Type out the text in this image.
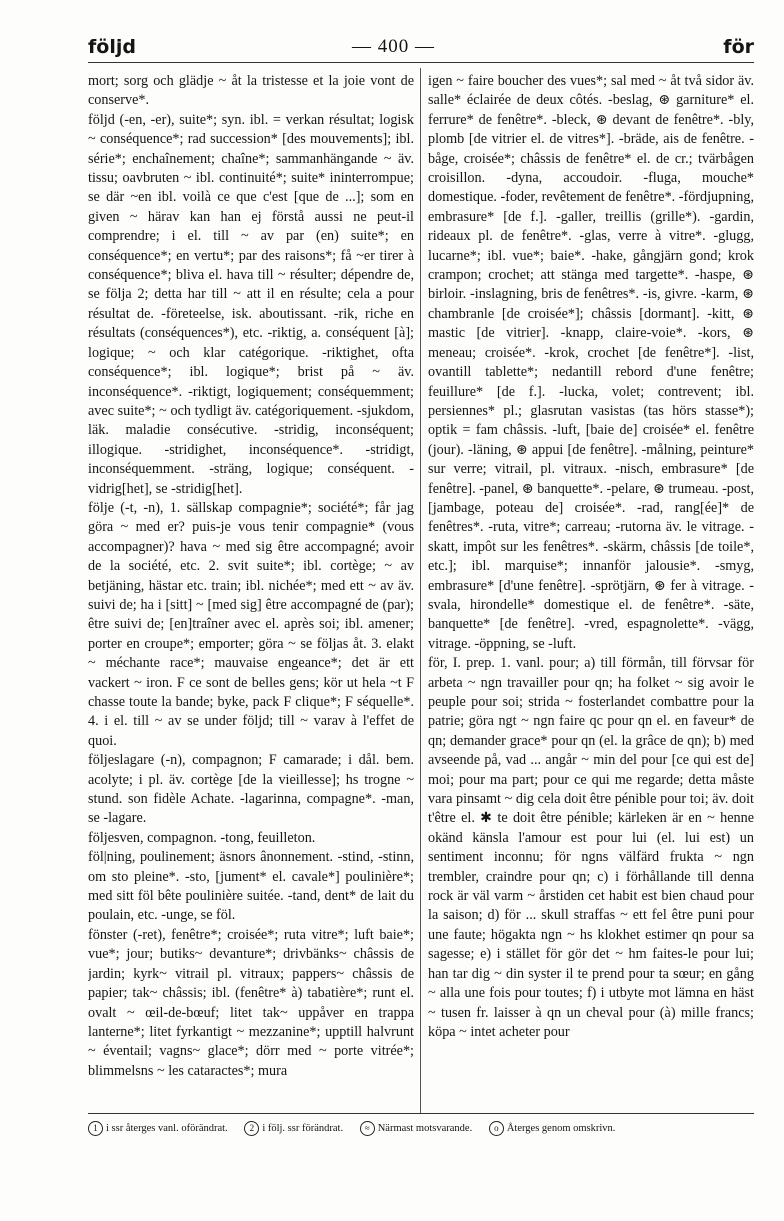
följd	— 400 —	för

mort; sorg och glädje ~ åt la tristesse et la joie vont de conserve*.

följd (-en, -er), suite*; syn. ibl. = verkan résultat; logisk ~ conséquence*; rad succession* [des mouvements]; ibl. série*; enchaînement; chaîne*; sammanhängande ~ äv. tissu; oavbruten ~ ibl. continuité*; suite* ininterrompue; se där ~en ibl. voilà ce que c'est [que de ...]; som en given ~ härav kan han ej förstå aussi ne peut-il comprendre; i el. till ~ av par (en) suite*; en conséquence*; en vertu*; par des raisons*; få ~er tirer à conséquence*; bliva el. hava till ~ résulter; dépendre de, se följa 2; detta har till ~ att il en résulte; cela a pour résultat de. -företeelse, isk. aboutissant. -rik, riche en résultats (conséquences*), etc. -riktig, a. conséquent [à]; logique; ~ och klar catégorique. -riktighet, ofta conséquence*; ibl. logique*; brist på ~ äv. inconséquence*. -riktigt, logiquement; conséquemment; avec suite*; ~ och tydligt äv. catégoriquement. -sjukdom, läk. maladie consécutive. -stridig, inconséquent; illogique. -stridighet, inconséquence*. -stridigt, inconséquemment. -sträng, logique; conséquent. -vidrig[het], se -stridig[het].

följe (-t, -n), 1. sällskap compagnie*; société*; får jag göra ~ med er? puis-je vous tenir compagnie* (vous accompagner)? hava ~ med sig être accompagné; avoir de la société, etc. 2. svit suite*; ibl. cortège; ~ av betjäning, hästar etc. train; ibl. nichée*; med ett ~ av äv. suivi de; ha i [sitt] ~ [med sig] être accompagné de (par); être suivi de; [en]traîner avec el. après soi; ibl. amener; porter en croupe*; emporter; göra ~ se följas åt. 3. elakt ~ méchante race*; mauvaise engeance*; det är ett vackert ~ iron. F ce sont de belles gens; kör ut hela ~t F chasse toute la bande; byke, pack F clique*; F séquelle*. 4. i el. till ~ av se under följd; till ~ varav à l'effet de quoi.

följeslagare (-n), compagnon; F camarade; i dål. bem. acolyte; i pl. äv. cortège [de la vieillesse]; hs trogne ~ stund. son fidèle Achate. -lagarinna, compagne*. -man, se -lagare.

följesven, compagnon. -tong, feuilleton.

föl|ning, poulinement; äsnors ânonnement. -stind, -stinn, om sto pleine*. -sto, [jument* el. cavale*] poulinière*; med sitt föl bête poulinière suitée. -tand, dent* de lait du poulain, etc. -unge, se föl.

fönster (-ret), fenêtre*; croisée*; ruta vitre*; luft baie*; vue*; jour; butiks~ devanture*; drivbänks~ châssis de jardin; kyrk~ vitrail pl. vitraux; pappers~ châssis de papier; tak~ châssis; ibl. (fenêtre* à) tabatière*; runt el. ovalt ~ œil-de-bœuf; litet tak~ uppåver en trappa lanterne*; litet fyrkantigt ~ mezzanine*; upptill halvrunt ~ éventail; vagns~ glace*; dörr med ~ porte vitrée*; blimmelsns ~ les cataractes*; mura

igen ~ faire boucher des vues*; sal med ~ åt två sidor äv. salle* éclairée de deux côtés. -beslag, ⊛ garniture* el. ferrure* de fenêtre*. -bleck, ⊛ devant de fenêtre*. -bly, plomb [de vitrier el. de vitres*]. -bräde, ais de fenêtre. -båge, croisée*; châssis de fenêtre* el. de cr.; tvärbågen croisillon. -dyna, accoudoir. -fluga, mouche* domestique. -foder, revêtement de fenêtre*. -fördjupning, embrasure* [de f.]. -galler, treillis (grille*). -gardin, rideaux pl. de fenêtre*. -glas, verre à vitre*. -glugg, lucarne*; ibl. vue*; baie*. -hake, gångjärn gond; krok crampon; crochet; att stänga med targette*. -haspe, ⊛ birloir. -inslagning, bris de fenêtres*. -is, givre. -karm, ⊛ chambranle [de croisée*]; châssis [dormant]. -kitt, ⊛ mastic [de vitrier]. -knapp, claire-voie*. -kors, ⊛ meneau; croisée*. -krok, crochet [de fenêtre*]. -list, ovantill tablette*; nedantill rebord d'une fenêtre; feuillure* [de f.]. -lucka, volet; contrevent; ibl. persiennes* pl.; glasrutan vasistas (tas hörs stasse*); optik = fam châssis. -luft, [baie de] croisée* el. fenêtre (jour). -läning, ⊛ appui [de fenêtre]. -målning, peinture* sur verre; vitrail, pl. vitraux. -nisch, embrasure* [de fenêtre]. -panel, ⊛ banquette*. -pelare, ⊛ trumeau. -post, [jambage, poteau de] croisée*. -rad, rang[ée]* de fenêtres*. -ruta, vitre*; carreau; -rutorna äv. le vitrage. -skatt, impôt sur les fenêtres*. -skärm, châssis [de toile*, etc.]; ibl. marquise*; innanför jalousie*. -smyg, embrasure* [d'une fenêtre]. -sprötjärn, ⊛ fer à vitrage. -svala, hirondelle* domestique el. de fenêtre*. -säte, banquette* [de fenêtre]. -vred, espagnolette*. -vägg, vitrage. -öppning, se -luft.

för, I. prep. 1. vanl. pour; a) till förmån, till förvsar för arbeta ~ ngn travailler pour qn; ha folket ~ sig avoir le peuple pour soi; strida ~ fosterlandet combattre pour la patrie; göra ngt ~ ngn faire qc pour qn el. en faveur* de qn; demander grace* pour qn (el. la grâce de qn); b) med avseende på, vad ... angår ~ min del pour [ce qui est de] moi; pour ma part; pour ce qui me regarde; detta måste vara pinsamt ~ dig cela doit être pénible pour toi; äv. doit t'être el. ✱ te doit être pénible; kärleken är en ~ henne okänd känsla l'amour est pour lui (el. lui est) un sentiment inconnu; för ngns välfärd frukta ~ ngn trembler, craindre pour qn; c) i förhållande till denna rock är väl varm ~ årstiden cet habit est bien chaud pour la saison; d) för ... skull straffas ~ ett fel être puni pour une faute; högakta ngn ~ hs klokhet estimer qn pour sa sagesse; e) i stället för gör det ~ hm faites-le pour lui; han tar dig ~ din syster il te prend pour ta sœur; en gång ~ alla une fois pour toutes; f) i utbyte mot lämna en häst ~ tusen fr. laisser à qn un cheval pour (à) mille francs; köpa ~ intet acheter pour

1 i ssr återges vanl. oförändrat. 2 i följ. ssr förändrat. ≈ Närmast motsvarande. o Återges genom omskrivn.
